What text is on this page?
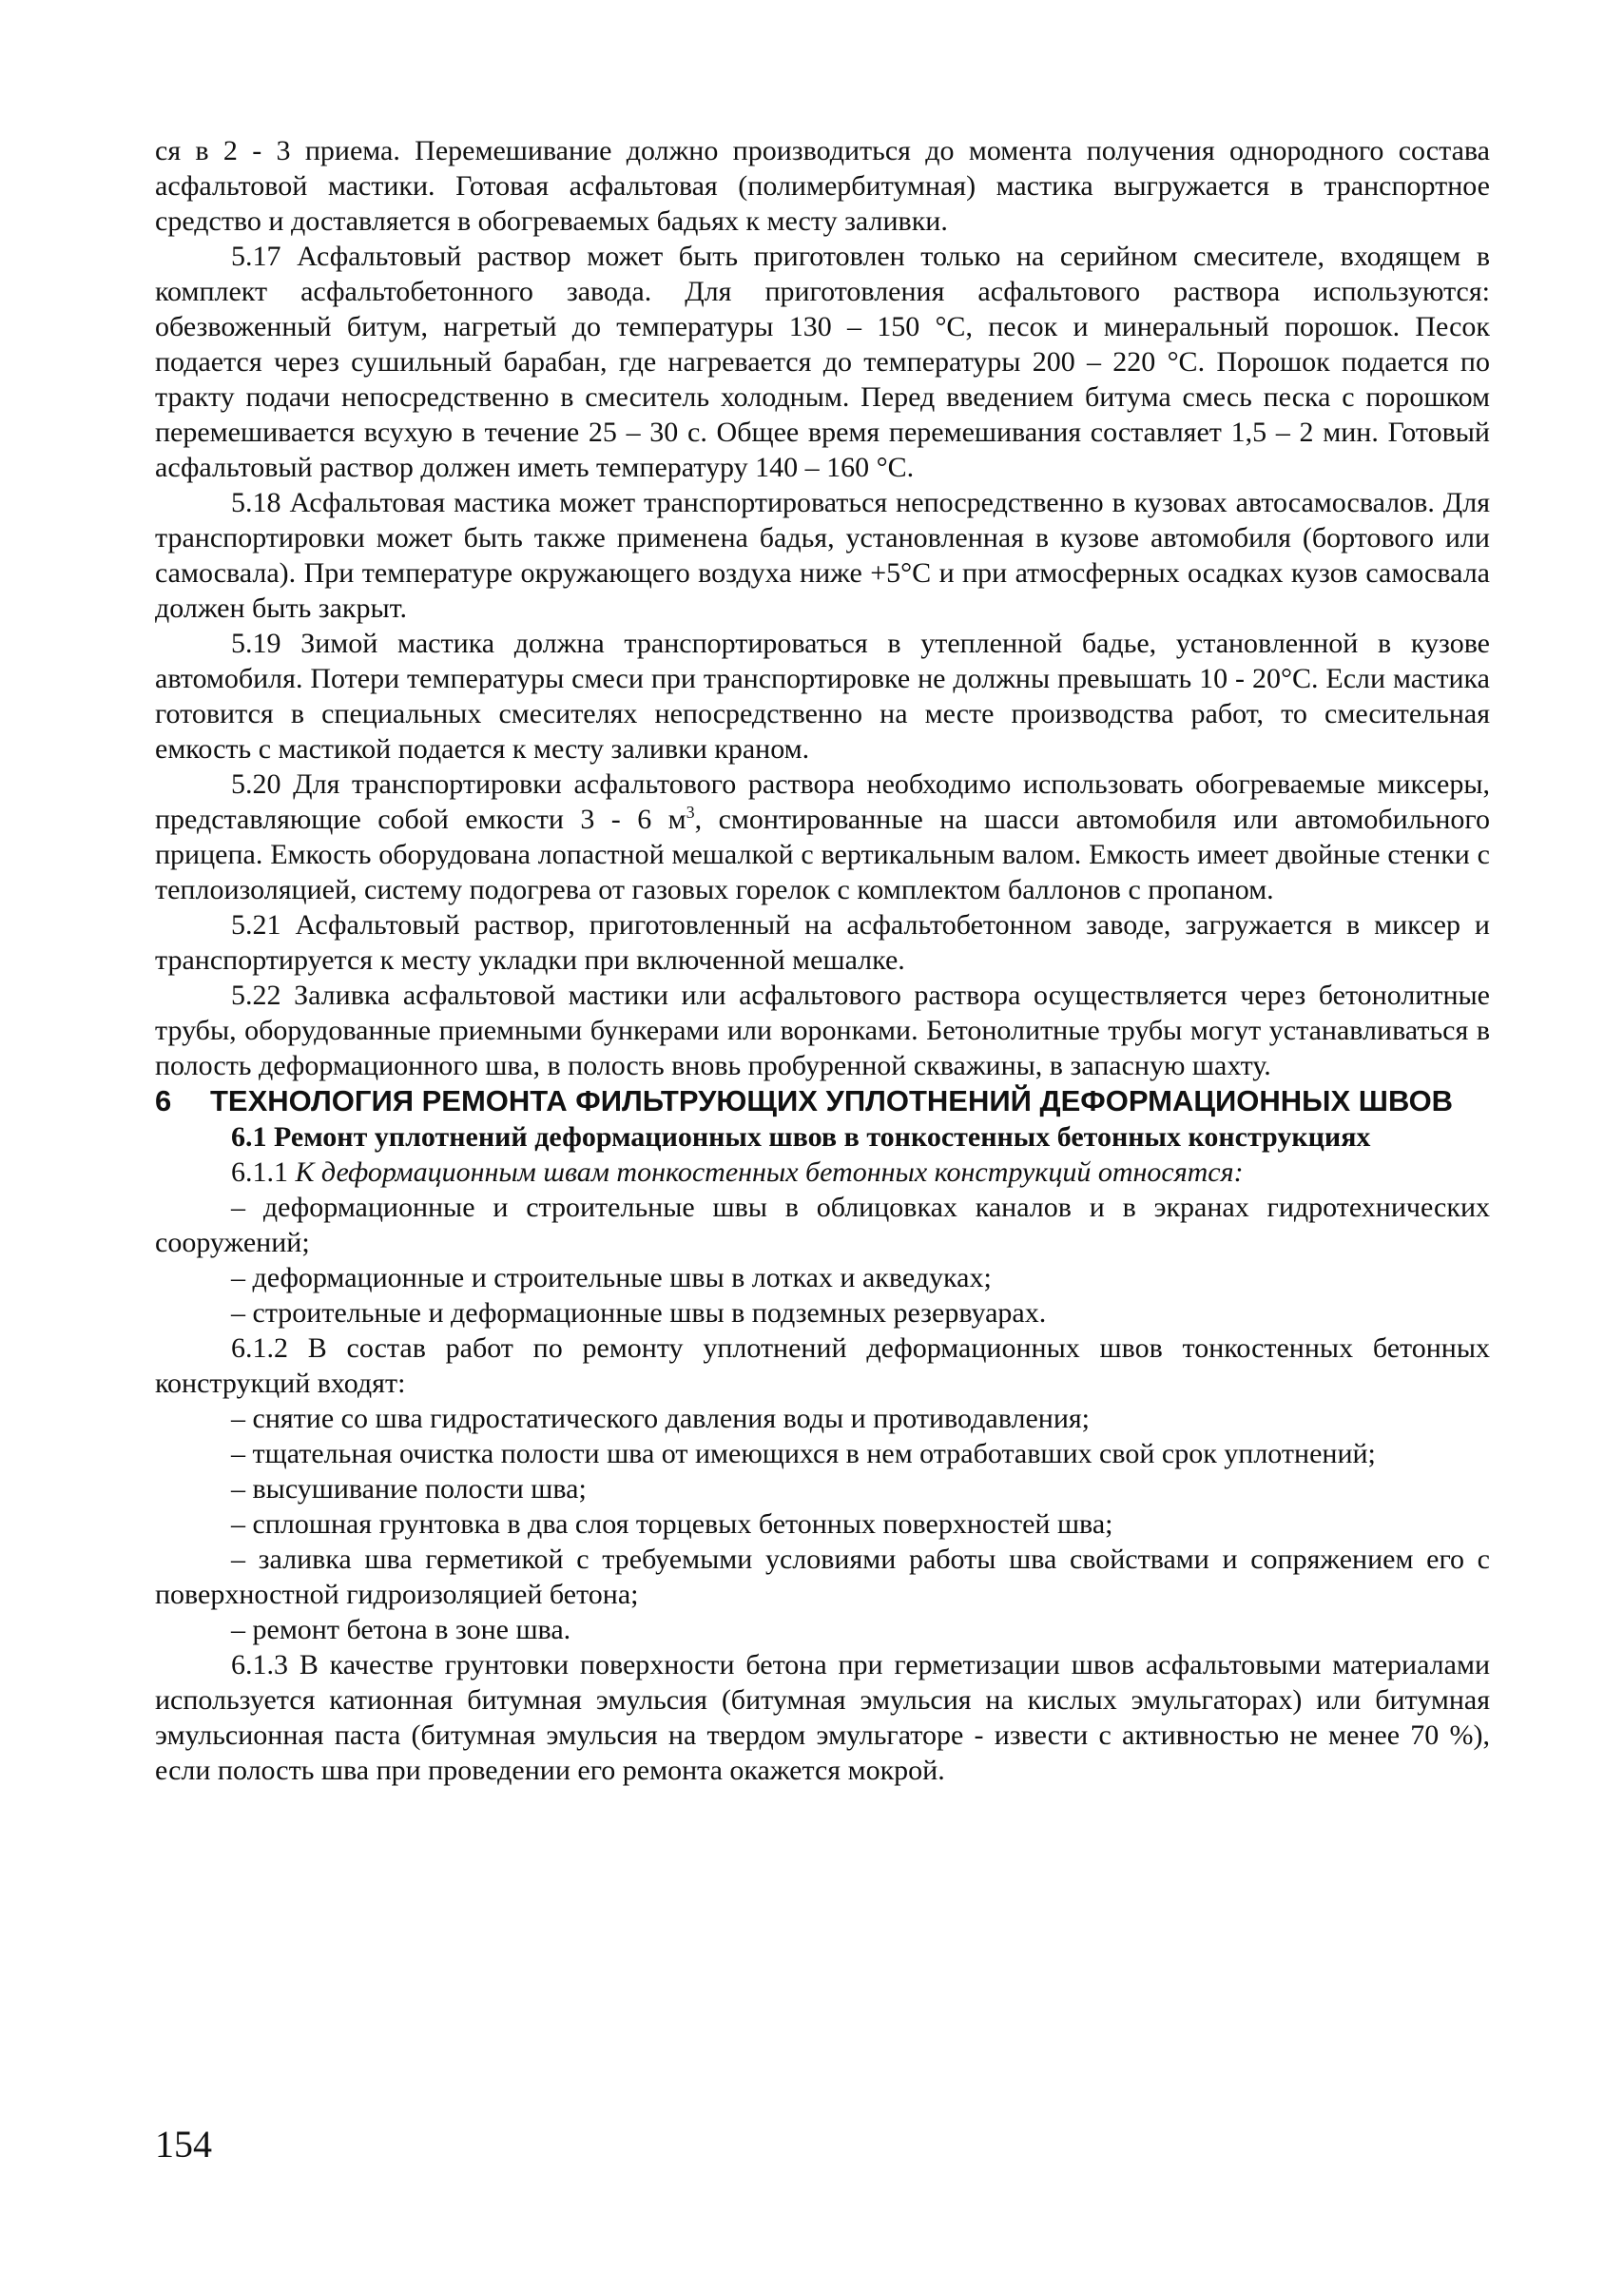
ся в 2 - 3 приема. Перемешивание должно производиться до момента получения однородного состава асфальтовой мастики. Готовая асфальтовая (полимербитумная) мастика выгружается в транспортное средство и доставляется в обогреваемых бадьях к месту заливки.

5.17 Асфальтовый раствор может быть приготовлен только на серийном смесителе, входящем в комплект асфальтобетонного завода. Для приготовления асфальтового раствора используются: обезвоженный битум, нагретый до температуры 130 – 150 °С, песок и минеральный порошок. Песок подается через сушильный барабан, где нагревается до температуры 200 – 220 °С. Порошок подается по тракту подачи непосредственно в смеситель холодным. Перед введением битума смесь песка с порошком перемешивается всухую в течение 25 – 30 с. Общее время перемешивания составляет 1,5 – 2 мин. Готовый асфальтовый раствор должен иметь температуру 140 – 160 °С.

5.18 Асфальтовая мастика может транспортироваться непосредственно в кузовах автосамосвалов. Для транспортировки может быть также применена бадья, установленная в кузове автомобиля (бортового или самосвала). При температуре окружающего воздуха ниже +5°С и при атмосферных осадках кузов самосвала должен быть закрыт.

5.19 Зимой мастика должна транспортироваться в утепленной бадье, установленной в кузове автомобиля. Потери температуры смеси при транспортировке не должны превышать 10 - 20°С. Если мастика готовится в специальных смесителях непосредственно на месте производства работ, то смесительная емкость с мастикой подается к месту заливки краном.

5.20 Для транспортировки асфальтового раствора необходимо использовать обогреваемые миксеры, представляющие собой емкости 3 - 6 $м^3$, смонтированные на шасси автомобиля или автомобильного прицепа. Емкость оборудована лопастной мешалкой с вертикальным валом. Емкость имеет двойные стенки с теплоизоляцией, систему подогрева от газовых горелок с комплектом баллонов с пропаном.

5.21 Асфальтовый раствор, приготовленный на асфальтобетонном заводе, загружается в миксер и транспортируется к месту укладки при включенной мешалке.

5.22 Заливка асфальтовой мастики или асфальтового раствора осуществляется через бетонолитные трубы, оборудованные приемными бункерами или воронками. Бетонолитные трубы могут устанавливаться в полость деформационного шва, в полость вновь пробуренной скважины, в запасную шахту.

6 ТЕХНОЛОГИЯ РЕМОНТА ФИЛЬТРУЮЩИХ УПЛОТНЕНИЙ ДЕФОРМАЦИОННЫХ ШВОВ

6.1 Ремонт уплотнений деформационных швов в тонкостенных бетонных конструкциях

6.1.1 К деформационным швам тонкостенных бетонных конструкций относятся:

– деформационные и строительные швы в облицовках каналов и в экранах гидротехнических сооружений;

– деформационные и строительные швы в лотках и акведуках;

– строительные и деформационные швы в подземных резервуарах.

6.1.2 В состав работ по ремонту уплотнений деформационных швов тонкостенных бетонных конструкций входят:

– снятие со шва гидростатического давления воды и противодавления;

– тщательная очистка полости шва от имеющихся в нем отработавших свой срок уплотнений;

– высушивание полости шва;

– сплошная грунтовка в два слоя торцевых бетонных поверхностей шва;

– заливка шва герметикой с требуемыми условиями работы шва свойствами и сопряжением его с поверхностной гидроизоляцией бетона;

– ремонт бетона в зоне шва.

6.1.3 В качестве грунтовки поверхности бетона при герметизации швов асфальтовыми материалами используется катионная битумная эмульсия (битумная эмульсия на кислых эмульгаторах) или битумная эмульсионная паста (битумная эмульсия на твердом эмульгаторе - извести с активностью не менее 70 %), если полость шва при проведении его ремонта окажется мокрой.

154
